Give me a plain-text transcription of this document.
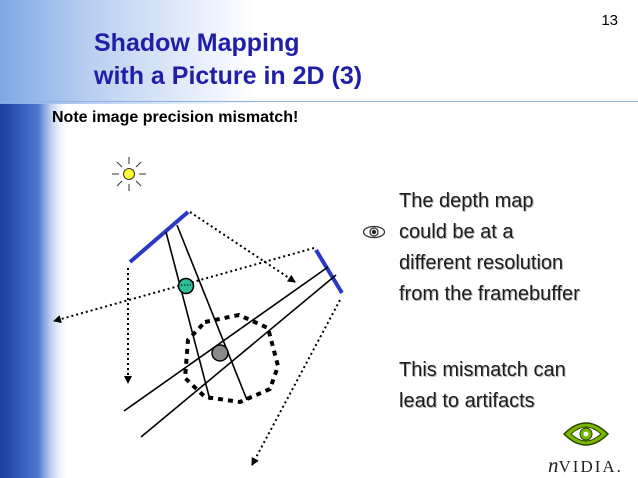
13
Shadow Mapping
with a Picture in 2D (3)
Note image precision mismatch!
The depth map
could be at a
different resolution
from the framebuffer
This mismatch can
lead to artifacts
nVIDIA.
